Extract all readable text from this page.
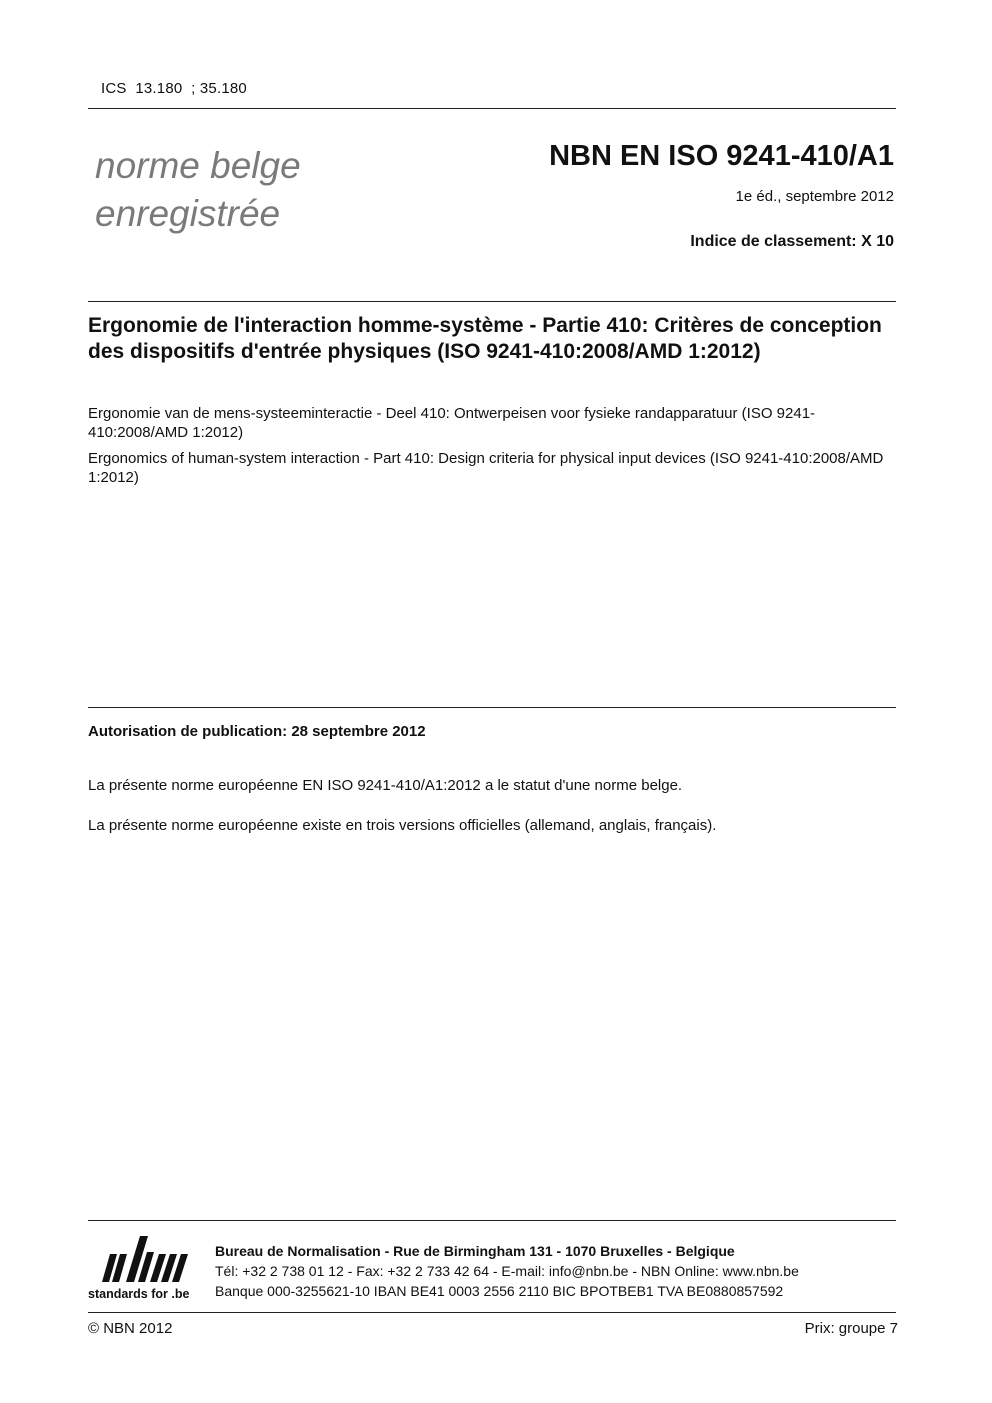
ICS  13.180  ; 35.180
norme belge
enregistrée
NBN EN ISO 9241-410/A1
1e éd., septembre 2012
Indice de classement: X 10
Ergonomie de l'interaction homme-système - Partie 410: Critères de conception des dispositifs d'entrée physiques (ISO 9241-410:2008/AMD 1:2012)
Ergonomie van de mens-systeeminteractie - Deel 410: Ontwerpeisen voor fysieke randapparatuur (ISO 9241-410:2008/AMD 1:2012)
Ergonomics of human-system interaction - Part 410: Design criteria for physical input devices (ISO 9241-410:2008/AMD 1:2012)
Autorisation de publication: 28 septembre 2012
La présente norme européenne EN ISO 9241-410/A1:2012 a le statut d'une norme belge.
La présente norme européenne existe en trois versions officielles (allemand, anglais, français).
standards for .be
Bureau de Normalisation - Rue de Birmingham 131 - 1070 Bruxelles - Belgique
Tél: +32 2 738 01 12 - Fax: +32 2 733 42 64 - E-mail: info@nbn.be - NBN Online: www.nbn.be
Banque 000-3255621-10 IBAN BE41 0003 2556 2110 BIC BPOTBEB1 TVA BE0880857592
© NBN 2012	Prix: groupe 7
